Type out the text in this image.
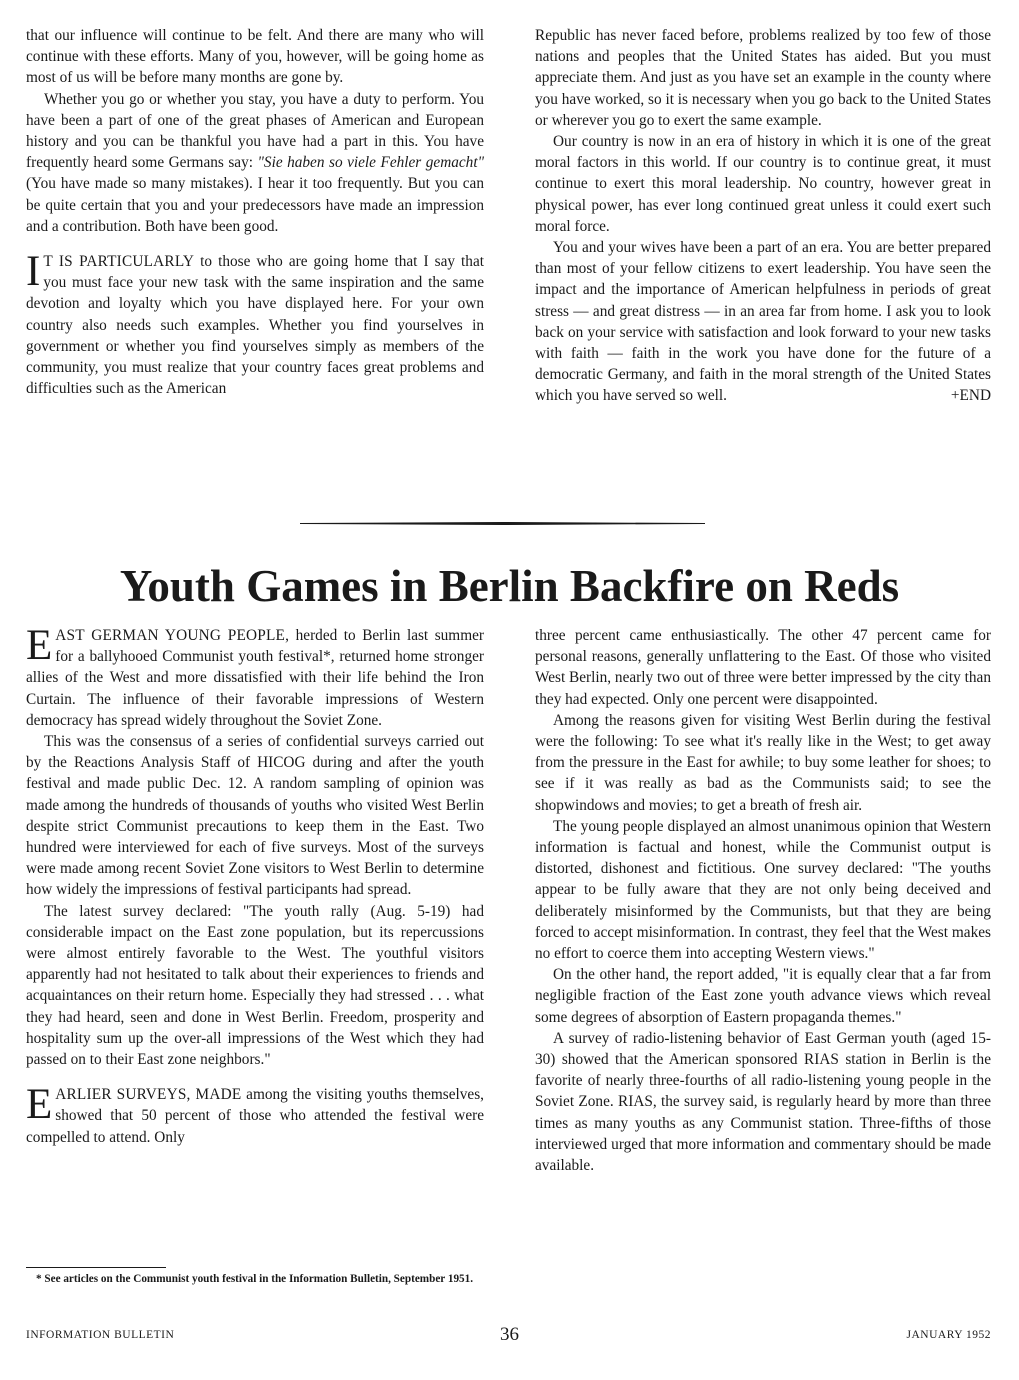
that our influence will continue to be felt. And there are many who will continue with these efforts. Many of you, however, will be going home as most of us will be before many months are gone by.

Whether you go or whether you stay, you have a duty to perform. You have been a part of one of the great phases of American and European history and you can be thankful you have had a part in this. You have frequently heard some Germans say: "Sie haben so viele Fehler gemacht" (You have made so many mistakes). I hear it too frequently. But you can be quite certain that you and your predecessors have made an impression and a contribution. Both have been good.

I T IS PARTICULARLY to those who are going home that I say that you must face your new task with the same inspiration and the same devotion and loyalty which you have displayed here. For your own country also needs such examples. Whether you find yourselves in government or whether you find yourselves simply as members of the community, you must realize that your country faces great problems and difficulties such as the American

Republic has never faced before, problems realized by too few of those nations and peoples that the United States has aided. But you must appreciate them. And just as you have set an example in the county where you have worked, so it is necessary when you go back to the United States or wherever you go to exert the same example.

Our country is now in an era of history in which it is one of the great moral factors in this world. If our country is to continue great, it must continue to exert this moral leadership. No country, however great in physical power, has ever long continued great unless it could exert such moral force.

You and your wives have been a part of an era. You are better prepared than most of your fellow citizens to exert leadership. You have seen the impact and the importance of American helpfulness in periods of great stress — and great distress — in an area far from home. I ask you to look back on your service with satisfaction and look forward to your new tasks with faith — faith in the work you have done for the future of a democratic Germany, and faith in the moral strength of the United States which you have served so well.	+END

Youth Games in Berlin Backfire on Reds

EAST GERMAN YOUNG PEOPLE, herded to Berlin last summer for a ballyhooed Communist youth festival*, returned home stronger allies of the West and more dissatisfied with their life behind the Iron Curtain. The influence of their favorable impressions of Western democracy has spread widely throughout the Soviet Zone.

This was the consensus of a series of confidential surveys carried out by the Reactions Analysis Staff of HICOG during and after the youth festival and made public Dec. 12. A random sampling of opinion was made among the hundreds of thousands of youths who visited West Berlin despite strict Communist precautions to keep them in the East. Two hundred were interviewed for each of five surveys. Most of the surveys were made among recent Soviet Zone visitors to West Berlin to determine how widely the impressions of festival participants had spread.

The latest survey declared: "The youth rally (Aug. 5-19) had considerable impact on the East zone population, but its repercussions were almost entirely favorable to the West. The youthful visitors apparently had not hesitated to talk about their experiences to friends and acquaintances on their return home. Especially they had stressed . . . what they had heard, seen and done in West Berlin. Freedom, prosperity and hospitality sum up the over-all impressions of the West which they had passed on to their East zone neighbors."

EARLIER SURVEYS, MADE among the visiting youths themselves, showed that 50 percent of those who attended the festival were compelled to attend. Only

three percent came enthusiastically. The other 47 percent came for personal reasons, generally unflattering to the East. Of those who visited West Berlin, nearly two out of three were better impressed by the city than they had expected. Only one percent were disappointed.

Among the reasons given for visiting West Berlin during the festival were the following: To see what it's really like in the West; to get away from the pressure in the East for awhile; to buy some leather for shoes; to see if it was really as bad as the Communists said; to see the shopwindows and movies; to get a breath of fresh air.

The young people displayed an almost unanimous opinion that Western information is factual and honest, while the Communist output is distorted, dishonest and fictitious. One survey declared: "The youths appear to be fully aware that they are not only being deceived and deliberately misinformed by the Communists, but that they are being forced to accept misinformation. In contrast, they feel that the West makes no effort to coerce them into accepting Western views."

On the other hand, the report added, "it is equally clear that a far from negligible fraction of the East zone youth advance views which reveal some degrees of absorption of Eastern propaganda themes."

A survey of radio-listening behavior of East German youth (aged 15-30) showed that the American sponsored RIAS station in Berlin is the favorite of nearly three-fourths of all radio-listening young people in the Soviet Zone. RIAS, the survey said, is regularly heard by more than three times as many youths as any Communist station. Three-fifths of those interviewed urged that more information and commentary should be made available.

* See articles on the Communist youth festival in the Information Bulletin, September 1951.

INFORMATION BULLETIN	36	JANUARY 1952
